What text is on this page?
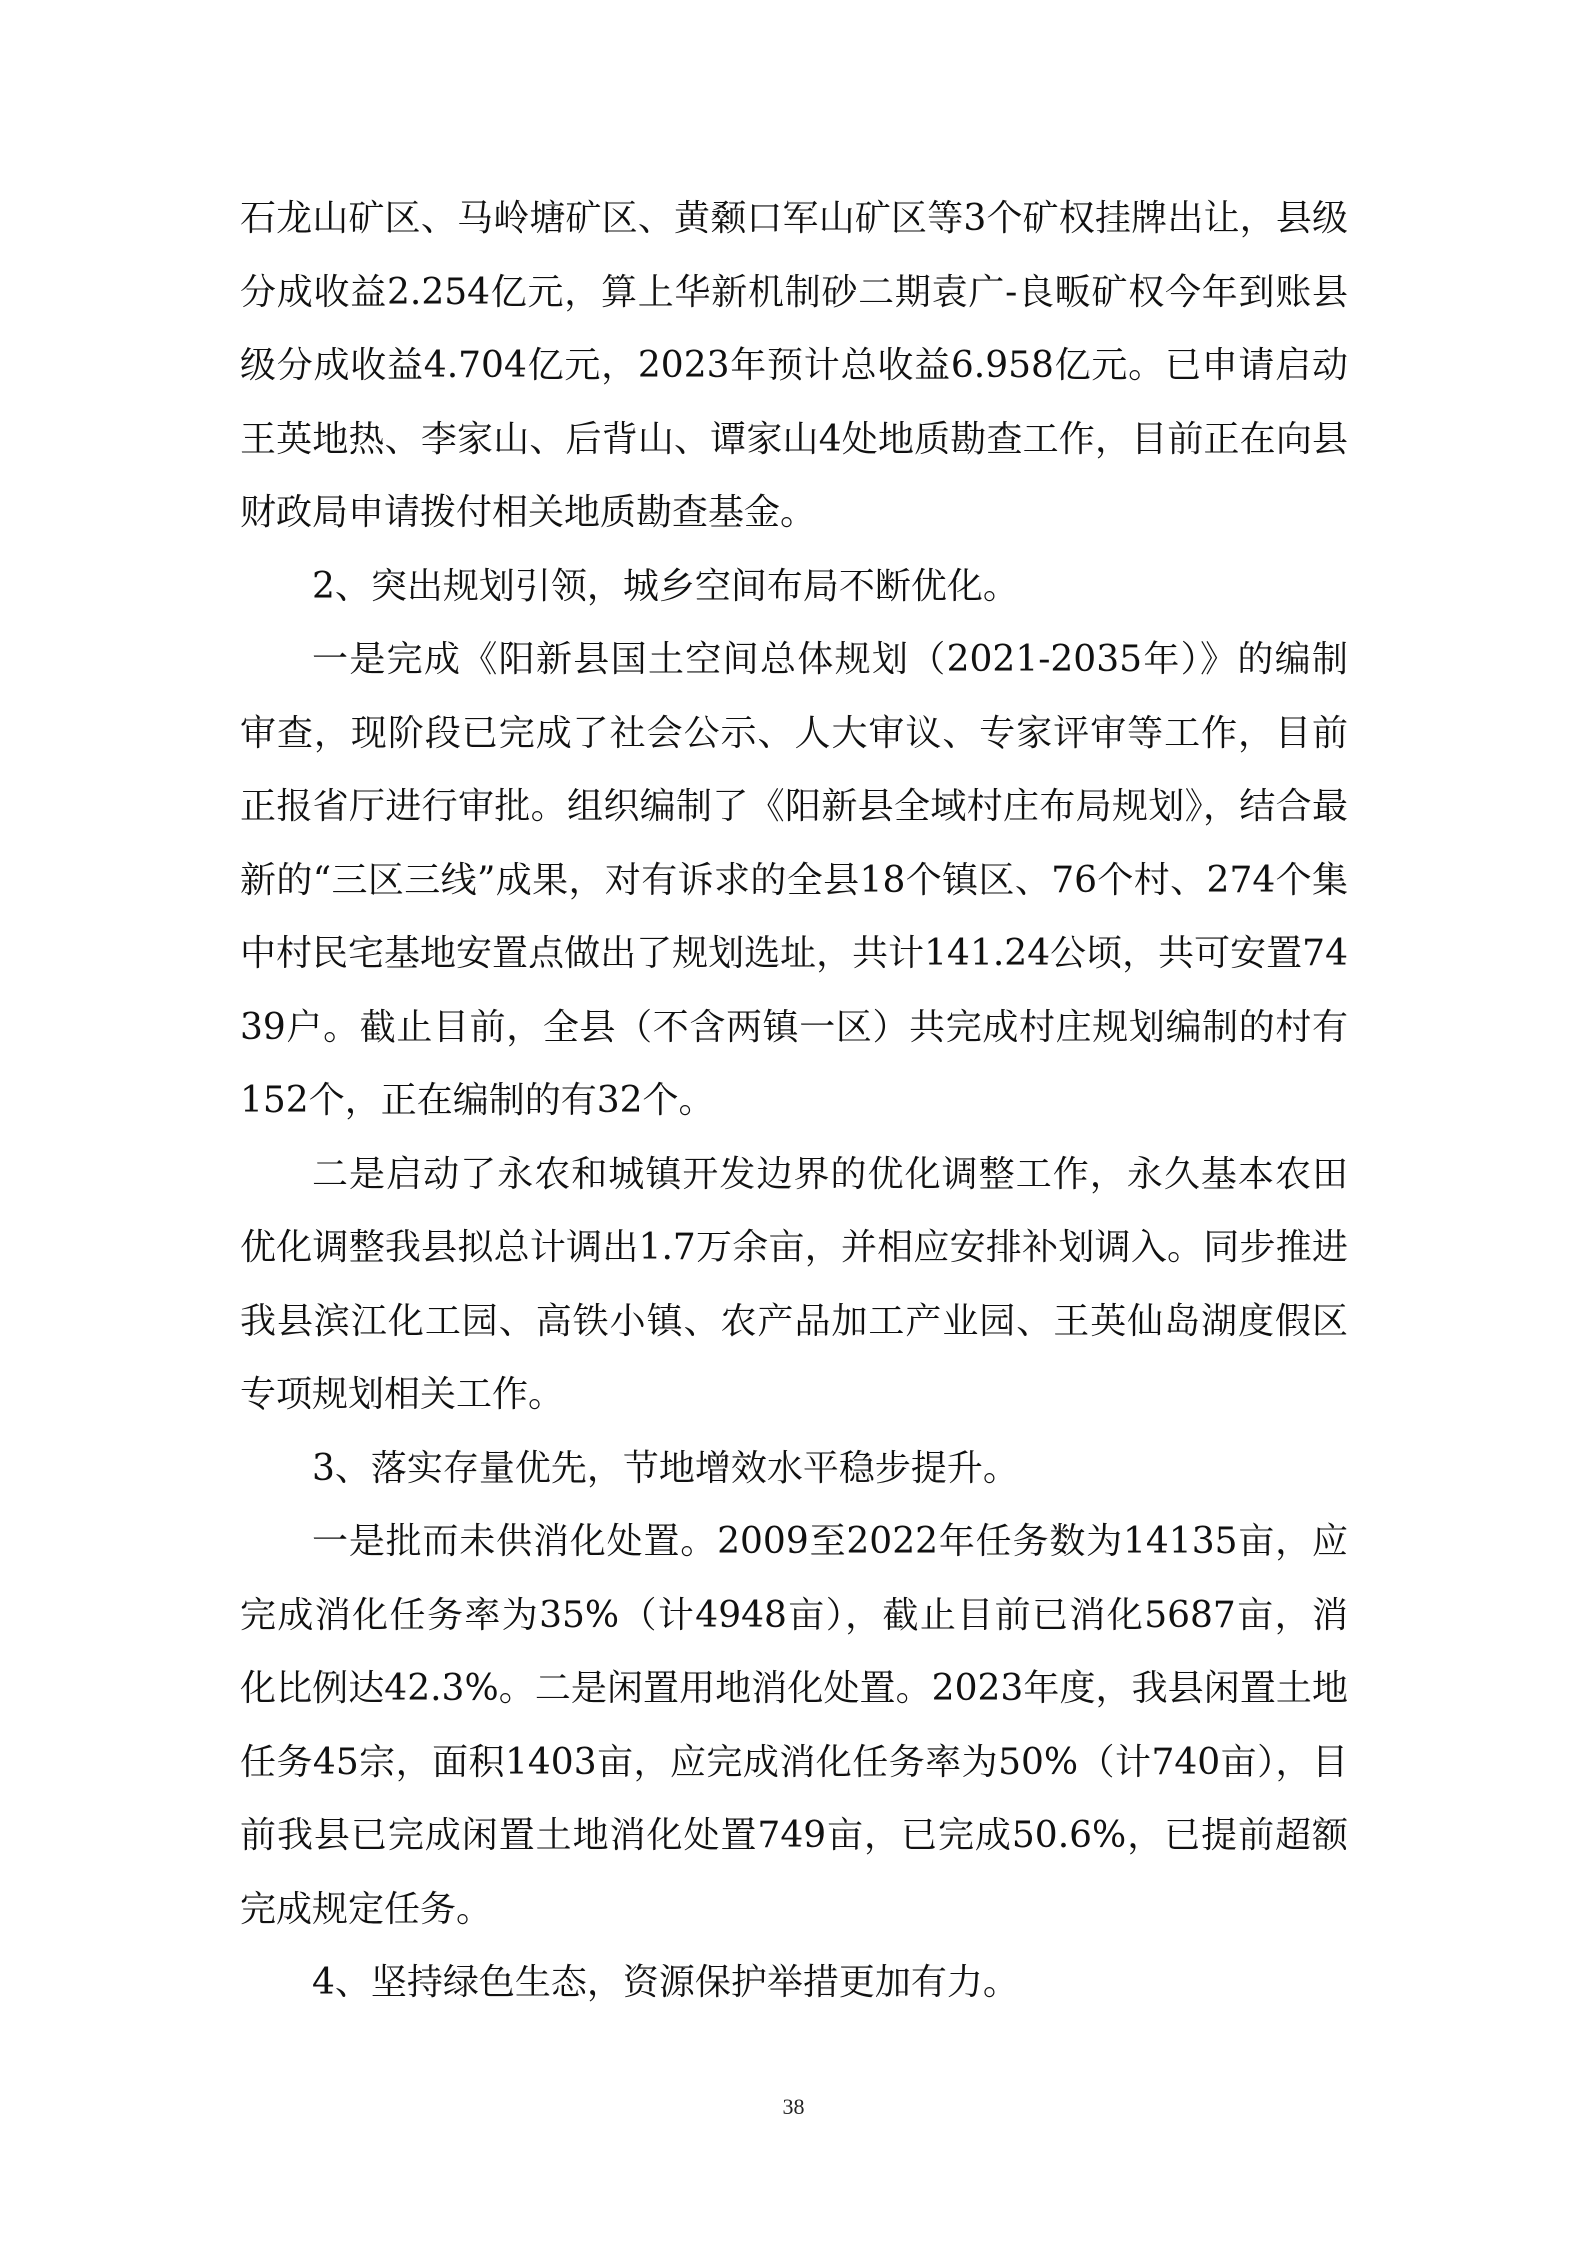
石龙山矿区、马岭塘矿区、黄颡口军山矿区等3个矿权挂牌出让，县级分成收益2.254亿元，算上华新机制砂二期袁广-良畈矿权今年到账县级分成收益4.704亿元，2023年预计总收益6.958亿元。已申请启动王英地热、李家山、后背山、谭家山4处地质勘查工作，目前正在向县财政局申请拨付相关地质勘查基金。

2、突出规划引领，城乡空间布局不断优化。

一是完成《阳新县国土空间总体规划（2021-2035年）》的编制审查，现阶段已完成了社会公示、人大审议、专家评审等工作，目前正报省厅进行审批。组织编制了《阳新县全域村庄布局规划》，结合最新的“三区三线”成果，对有诉求的全县18个镇区、76个村、274个集中村民宅基地安置点做出了规划选址，共计141.24公顷，共可安置7439户。截止目前，全县（不含两镇一区）共完成村庄规划编制的村有152个，正在编制的有32个。

二是启动了永农和城镇开发边界的优化调整工作，永久基本农田优化调整我县拟总计调出1.7万余亩，并相应安排补划调入。同步推进我县滨江化工园、高铁小镇、农产品加工产业园、王英仙岛湖度假区专项规划相关工作。

3、落实存量优先，节地增效水平稳步提升。

一是批而未供消化处置。2009至2022年任务数为14135亩，应完成消化任务率为35%（计4948亩），截止目前已消化5687亩，消化比例达42.3%。二是闲置用地消化处置。2023年度，我县闲置土地任务45宗，面积1403亩，应完成消化任务率为50%（计740亩），目前我县已完成闲置土地消化处置749亩，已完成50.6%，已提前超额完成规定任务。

4、坚持绿色生态，资源保护举措更加有力。

38
